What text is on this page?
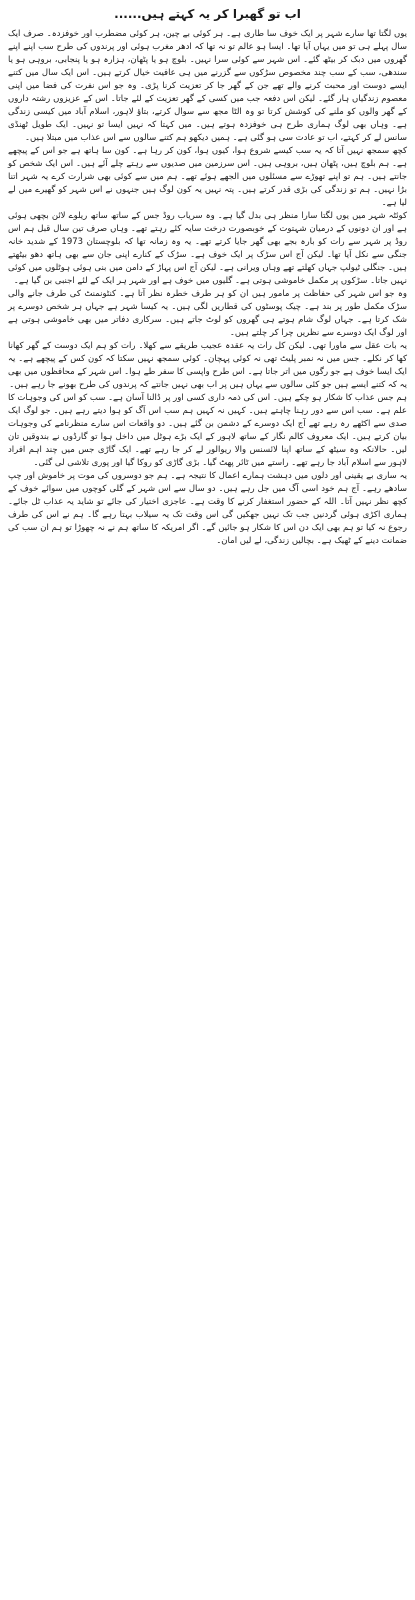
اب تو گھبرا کر یہ کہتے ہیں......

یوں لگتا تھا سارے شہر پر ایک خوف سا طاری ہے۔ ہر کوئی بے چین، ہر کوئی مضطرب اور خوفزدہ۔ صرف ایک سال پہلے ہی تو میں یہاں آیا تھا۔ ایسا ہو عالم تو نہ تھا کہ ادھر مغرب ہوئی اور پرندوں کی طرح سب اپنے اپنے گھروں میں دبک کر بیٹھ گئے۔ اس شہر سے کوئی سرا نہیں۔ بلوچ ہو یا پٹھان، ہزارہ ہو یا پنجابی، بروہی ہو یا سندھی، سب کے سب چند مخصوص سڑکوں سے گزرنے میں ہی عافیت خیال کرتے ہیں۔ اس ایک سال میں کتنے ایسے دوست اور محبت کرنے والے تھے جن کے گھر جا کر تعزیت کرنا پڑی۔ وہ جو اس نفرت کی فضا میں اپنی معصوم زندگیاں ہار گئے۔ لیکن اس دفعہ جب میں کسی کے گھر تعزیت کے لئے جاتا۔ اس کے عزیزوں رشتہ داروں کے گھر والوں کو ملنے کی کوشش کرتا تو وہ الٹا مجھ سے سوال کرتے، بتاؤ لاہور، اسلام آباد میں کیسی زندگی ہے۔ وہاں بھی لوگ ہماری طرح ہی خوفزدہ ہوتے ہیں۔ میں کہتا کہ نہیں ایسا تو نہیں۔ ایک طویل ٹھنڈی سانس لے کر کہتے، اب تو عادت سی ہو گئی ہے۔ ہمیں دیکھو ہم کتنے سالوں سے اس عذاب میں مبتلا ہیں۔

کچھ سمجھ نہیں آتا کہ یہ سب کیسے شروع ہوا، کیوں ہوا، کون کر رہا ہے۔ کون سا ہاتھ ہے جو اس کے پیچھے ہے۔ ہم بلوچ ہیں، پٹھان ہیں، بروہی ہیں۔ اس سرزمین میں صدیوں سے رہتے چلے آئے ہیں۔ اس ایک شخص کو جانتے ہیں۔ ہم تو اپنے تھوڑے سے مسئلوں میں الجھے ہوئے تھے۔ ہم میں سے کوئی بھی شرارت کرے یہ شہر اتنا بڑا نہیں۔ ہم تو زندگی کی بڑی قدر کرتے ہیں۔ پتہ نہیں یہ کون لوگ ہیں جنہوں نے اس شہر کو گھیرے میں لے لیا ہے۔

کوئٹہ شہر میں یوں لگتا سارا منظر ہی بدل گیا ہے۔ وہ سریاب روڈ جس کے ساتھ ساتھ ریلوے لائن بچھی ہوئی ہے اور ان دونوں کے درمیان شہتوت کے خوبصورت درخت سایہ کئے رہتے تھے۔ وہاں صرف تین سال قبل ہم اس روڈ پر شہر سے رات کو بارہ بجے بھی گھر جایا کرتے تھے۔ یہ وہ زمانہ تھا کہ بلوچستان 1973 کے شدید خانہ جنگی سے نکل آیا تھا۔ لیکن آج اس سڑک پر ایک خوف ہے۔ سڑک کے کنارے اپنی جان سے بھی ہاتھ دھو بیٹھتے ہیں۔ جنگلی ٹیولپ جہاں کھلتے تھے وہاں ویرانی ہے۔ لیکن آج اس پہاڑ کے دامن میں بنی ہوئی ہوٹلوں میں کوئی نہیں جاتا۔ سڑکوں پر مکمل خاموشی ہوتی ہے۔ گلیوں میں خوف ہے اور شہر ہر ایک کے لئے اجنبی بن گیا ہے۔

وہ جو اس شہر کی حفاظت پر مامور ہیں ان کو ہر طرف خطرہ نظر آتا ہے۔ کنٹونمنٹ کی طرف جانے والی سڑک مکمل طور پر بند ہے۔ چیک پوسٹوں کی قطاریں لگی ہیں۔ یہ کیسا شہر ہے جہاں ہر شخص دوسرے پر شک کرتا ہے۔ جہاں لوگ شام ہوتے ہی گھروں کو لوٹ جاتے ہیں۔ سرکاری دفاتر میں بھی خاموشی ہوتی ہے اور لوگ ایک دوسرے سے نظریں چرا کر چلتے ہیں۔

یہ بات عقل سے ماورا تھی۔ لیکن کل رات یہ عقدہ عجیب طریقے سے کھلا۔ رات کو ہم ایک دوست کے گھر کھانا کھا کر نکلے۔ جس میں نہ نمبر پلیٹ تھی نہ کوئی پہچان۔ کوئی سمجھ نہیں سکتا کہ کون کس کے پیچھے ہے۔ یہ ایک ایسا خوف ہے جو رگوں میں اتر جاتا ہے۔ اس طرح واپسی کا سفر طے ہوا۔ اس شہر کے محافظوں میں بھی یہ کہ کتنے ایسے ہیں جو کئی سالوں سے یہاں ہیں پر اب بھی نہیں جانتے کہ پرندوں کی طرح بھونے جا رہے ہیں۔

ہم جس عذاب کا شکار ہو چکے ہیں۔ اس کی ذمہ داری کسی اور پر ڈالنا آسان ہے۔ سب کو اس کی وجوہات کا علم ہے۔ سب اس سے دور رہنا چاہتے ہیں۔ کہیں نہ کہیں ہم سب اس آگ کو ہوا دیتے رہے ہیں۔ جو لوگ ایک صدی سے اکٹھے رہ رہے تھے آج ایک دوسرے کے دشمن بن گئے ہیں۔ دو واقعات اس سارے منظرنامے کی وجوہات بیان کرتے ہیں۔ ایک معروف کالم نگار کے ساتھ لاہور کے ایک بڑے ہوٹل میں داخل ہوا تو گارڈوں نے بندوقیں تان لیں۔ حالانکہ وہ سیٹھ کے ساتھ اپنا لائسنس والا ریوالور لے کر جا رہے تھے۔ ایک گاڑی جس میں چند اہم افراد لاہور سے اسلام آباد جا رہے تھے۔ راستے میں ٹائر پھٹ گیا۔ بڑی گاڑی کو روکا گیا اور پوری تلاشی لی گئی۔

یہ ساری بے یقینی اور دلوں میں دہشت ہمارے اعمال کا نتیجہ ہے۔ ہم جو دوسروں کی موت پر خاموش اور چپ سادھے رہے۔ آج ہم خود اسی آگ میں جل رہے ہیں۔ دو سال سے اس شہر کے گلی کوچوں میں سوائے خوف کے کچھ نظر نہیں آتا۔ اللہ کے حضور استغفار کرنے کا وقت ہے۔ عاجزی اختیار کی جائے تو شاید یہ عذاب ٹل جائے۔ ہماری اکڑی ہوئی گردنیں جب تک نہیں جھکیں گی اس وقت تک یہ سیلاب بہتا رہے گا۔ ہم نے اس کی طرف رجوع نہ کیا تو ہم بھی ایک دن اس کا شکار ہو جائیں گے۔ اگر امریکہ کا ساتھ ہم نے نہ چھوڑا تو ہم ان سب کی ضمانت دینے کے ٹھیک ہے۔ بچالیں زندگی، لے لیں امان۔
